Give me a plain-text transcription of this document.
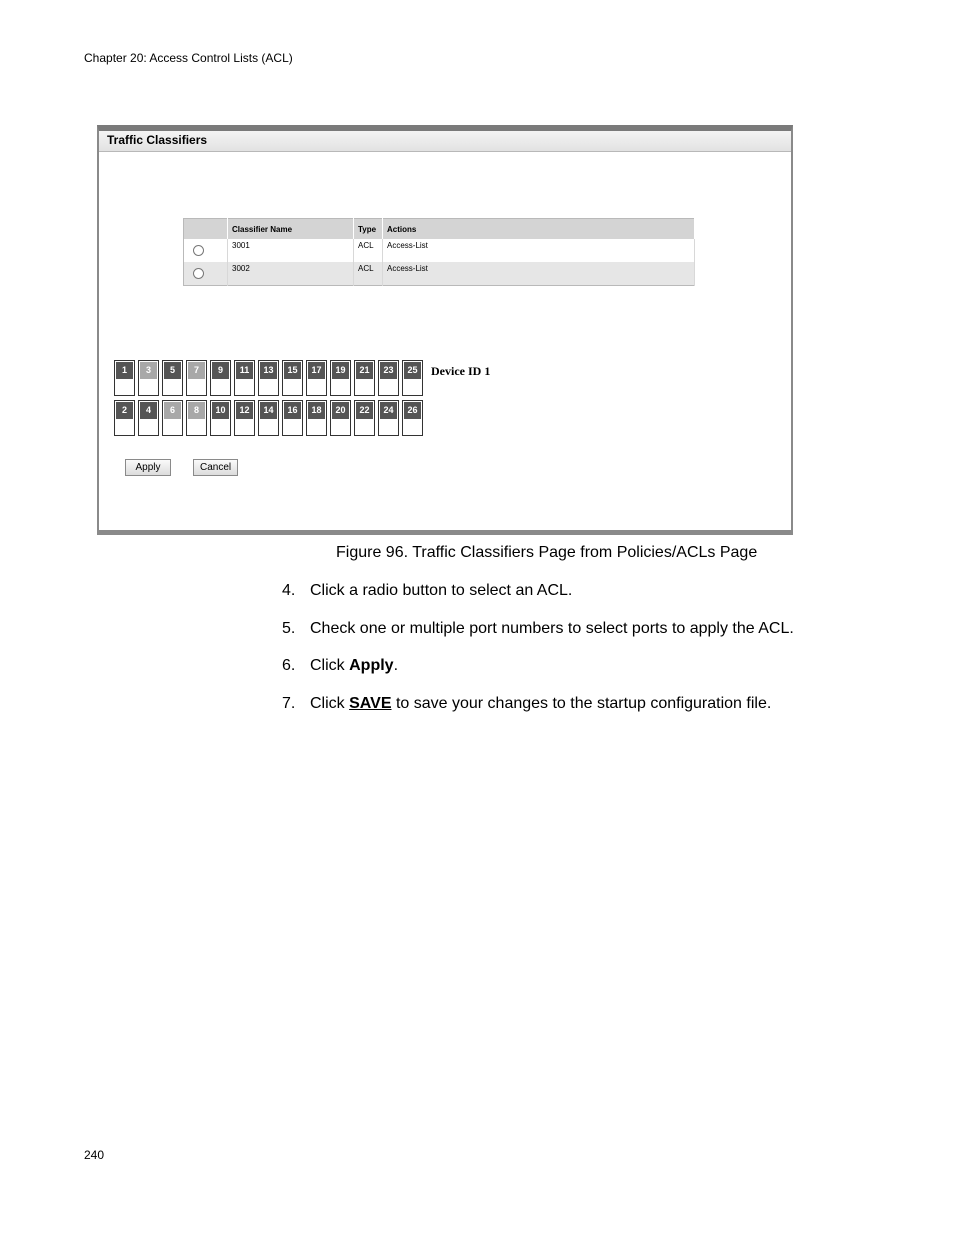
Chapter 20: Access Control Lists (ACL)
Traffic Classifiers
	Classifier Name	Type	Actions
	3001	ACL	Access-List
	3002	ACL	Access-List
1	3	5	7	9	11	13	15	17	19	21	23	25
2	4	6	8	10	12	14	16	18	20	22	24	26
Device ID 1
Apply	Cancel
Figure 96. Traffic Classifiers Page from Policies/ACLs Page
4. Click a radio button to select an ACL.
5. Check one or multiple port numbers to select ports to apply the ACL.
6. Click Apply.
7. Click SAVE to save your changes to the startup configuration file.
240
